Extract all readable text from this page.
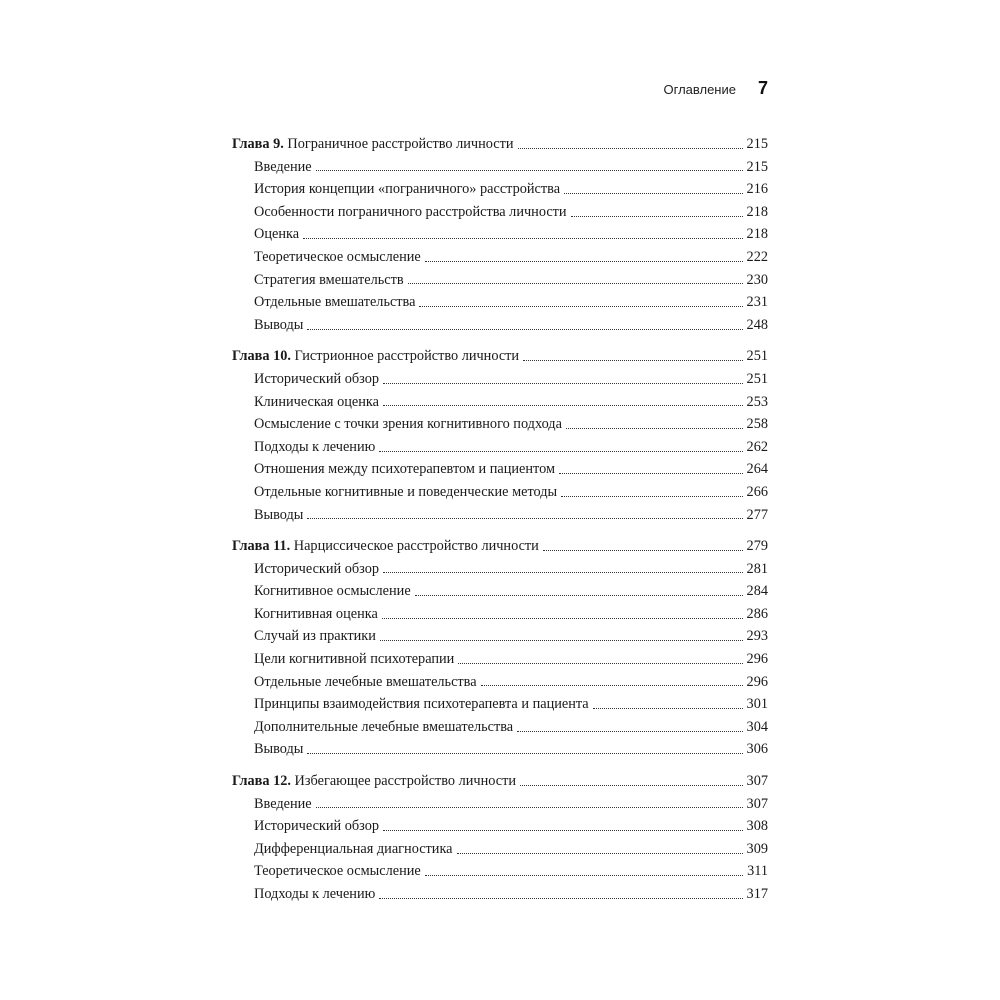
Оглавление 7
Глава 9. Пограничное расстройство личности	215
Введение	215
История концепции «пограничного» расстройства	216
Особенности пограничного расстройства личности	218
Оценка	218
Теоретическое осмысление	222
Стратегия вмешательств	230
Отдельные вмешательства	231
Выводы	248
Глава 10. Гистрионное расстройство личности	251
Исторический обзор	251
Клиническая оценка	253
Осмысление с точки зрения когнитивного подхода	258
Подходы к лечению	262
Отношения между психотерапевтом и пациентом	264
Отдельные когнитивные и поведенческие методы	266
Выводы	277
Глава 11. Нарциссическое расстройство личности	279
Исторический обзор	281
Когнитивное осмысление	284
Когнитивная оценка	286
Случай из практики	293
Цели когнитивной психотерапии	296
Отдельные лечебные вмешательства	296
Принципы взаимодействия психотерапевта и пациента	301
Дополнительные лечебные вмешательства	304
Выводы	306
Глава 12. Избегающее расстройство личности	307
Введение	307
Исторический обзор	308
Дифференциальная диагностика	309
Теоретическое осмысление	311
Подходы к лечению	317
